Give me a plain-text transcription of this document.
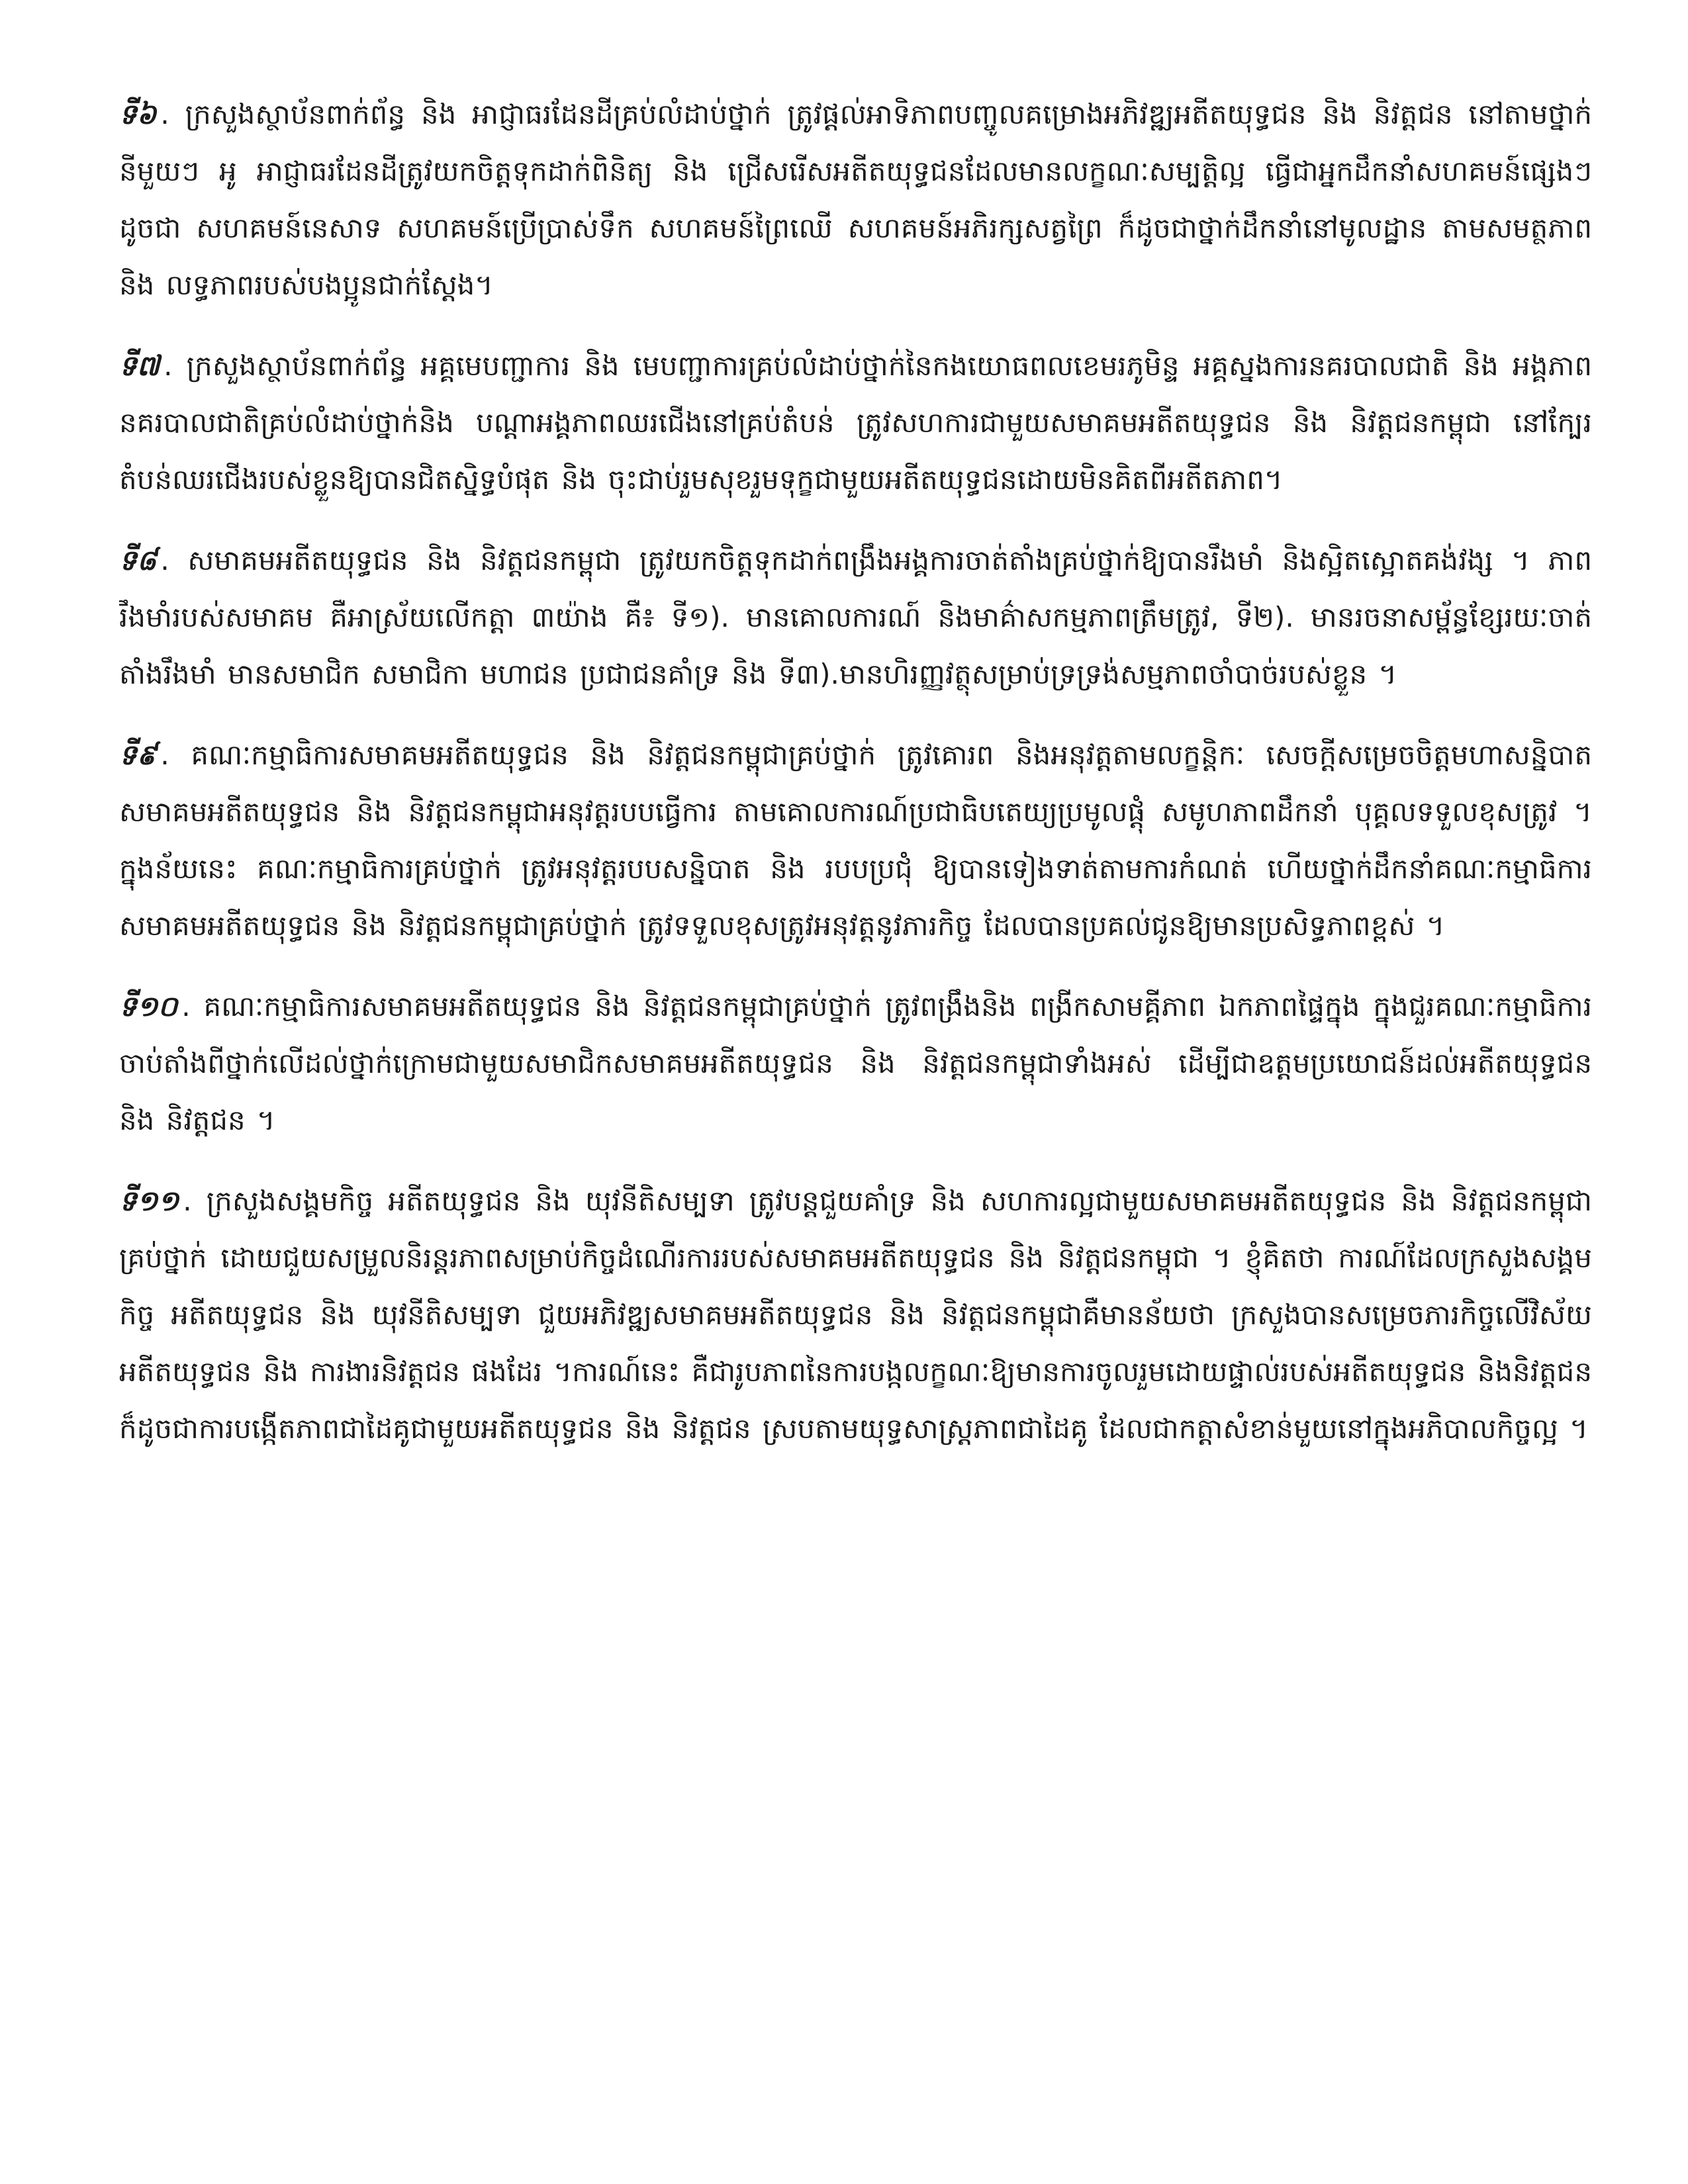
ទី៦ . ក្រសួងស្ថាប័នពាក់ព័ន្ធ និង អាជ្ញាធរដែនដីគ្រប់លំដាប់ថ្នាក់ ត្រូវផ្តល់អាទិភាពបញ្ចូលគម្រោងអភិវឌ្ឍអតីតយុទ្ធជន និង និវត្តជន នៅតាមថ្នាក់នីមួយៗ អូ អាជ្ញាធរដែនដីត្រូវយកចិត្តទុកដាក់ពិនិត្យ និង ជ្រើសរើសអតីតយុទ្ធជនដែលមានលក្ខណៈសម្បត្តិល្អ ធ្វើជាអ្នកដឹកនាំសហគមន៍ផ្សេងៗ ដូចជា សហគមន៍នេសាទ សហគមន៍ប្រើប្រាស់ទឹក សហគមន៍ព្រៃឈើ សហគមន៍អភិរក្សសត្វព្រៃ ក៏ដូចជាថ្នាក់ដឹកនាំនៅមូលដ្ឋាន តាមសមត្ថភាព និង លទ្ធភាពរបស់បងប្អូនជាក់ស្តែង។

ទី៧ . ក្រសួងស្ថាប័នពាក់ព័ន្ធ អគ្គមេបញ្ជាការ និង មេបញ្ជាការគ្រប់លំដាប់ថ្នាក់នៃកងយោធពលខេមរភូមិន្ទ អគ្គស្នងការនគរបាលជាតិ និង អង្គភាពនគរបាលជាតិគ្រប់លំដាប់ថ្នាក់និង បណ្តាអង្គភាពឈរជើងនៅគ្រប់តំបន់ ត្រូវសហការជាមួយសមាគមអតីតយុទ្ធជន និង និវត្តជនកម្ពុជា នៅក្បែរតំបន់ឈរជើងរបស់ខ្លួនឱ្យបានជិតស្និទ្ធបំផុត និង ចុះជាប់រួមសុខរួមទុក្ខជាមួយអតីតយុទ្ធជនដោយមិនគិតពីអតីតភាព។

ទី៨ . សមាគមអតីតយុទ្ធជន និង និវត្តជនកម្ពុជា ត្រូវយកចិត្តទុកដាក់ពង្រឹងអង្គការចាត់តាំងគ្រប់ថ្នាក់ឱ្យបានរឹងមាំ និងស្អិតស្អោតគង់វង្ស ។ ភាពរឹងមាំរបស់សមាគម គឺអាស្រ័យលើកត្តា ៣យ៉ាង គឺ៖ ទី១). មានគោលការណ៍ និងមាគ៌ាសកម្មភាពត្រឹមត្រូវ, ទី២). មានរចនាសម្ព័ន្ធខ្សែរយៈចាត់តាំងរឹងមាំ មានសមាជិក សមាជិកា មហាជន ប្រជាជនគាំទ្រ និង ទី៣).មានហិរញ្ញវត្ថុសម្រាប់ទ្រទ្រង់សម្មភាពចាំបាច់របស់ខ្លួន ។

ទី៩ . គណៈកម្មាធិការសមាគមអតីតយុទ្ធជន និង និវត្តជនកម្ពុជាគ្រប់ថ្នាក់ ត្រូវគោរព និងអនុវត្តតាមលក្ខន្តិកៈ សេចក្តីសម្រេចចិត្តមហាសន្និបាតសមាគមអតីតយុទ្ធជន និង និវត្តជនកម្ពុជាអនុវត្តរបបធ្វើការ តាមគោលការណ៍ប្រជាធិបតេយ្យប្រមូលផ្តុំ សមូហភាពដឹកនាំ បុគ្គលទទួលខុសត្រូវ ។ ក្នុងន័យនេះ គណៈកម្មាធិការគ្រប់ថ្នាក់ ត្រូវអនុវត្តរបបសន្និបាត និង របបប្រជុំ ឱ្យបានទៀងទាត់តាមការកំណត់ ហើយថ្នាក់ដឹកនាំគណៈកម្មាធិការសមាគមអតីតយុទ្ធជន និង និវត្តជនកម្ពុជាគ្រប់ថ្នាក់ ត្រូវទទួលខុសត្រូវអនុវត្តនូវភារកិច្ច ដែលបានប្រគល់ជូនឱ្យមានប្រសិទ្ធភាពខ្ពស់ ។

ទី១០ . គណៈកម្មាធិការសមាគមអតីតយុទ្ធជន និង និវត្តជនកម្ពុជាគ្រប់ថ្នាក់ ត្រូវពង្រឹងនិង ពង្រីកសាមគ្គីភាព ឯកភាពផ្ទៃក្នុង ក្នុងជួរគណៈកម្មាធិការ ចាប់តាំងពីថ្នាក់លើដល់ថ្នាក់ក្រោមជាមួយសមាជិកសមាគមអតីតយុទ្ធជន និង និវត្តជនកម្ពុជាទាំងអស់ ដើម្បីជាឧត្តមប្រយោជន៍ដល់អតីតយុទ្ធជន និង និវត្តជន ។

ទី១១ . ក្រសួងសង្គមកិច្ច អតីតយុទ្ធជន និង យុវនីតិសម្បទា ត្រូវបន្តជួយគាំទ្រ និង សហការល្អជាមួយសមាគមអតីតយុទ្ធជន និង និវត្តជនកម្ពុជាគ្រប់ថ្នាក់ ដោយជួយសម្រួលនិរន្តរភាពសម្រាប់កិច្ចដំណើរការរបស់សមាគមអតីតយុទ្ធជន និង និវត្តជនកម្ពុជា ។ ខ្ញុំគិតថា ការណ៍ដែលក្រសួងសង្គមកិច្ច អតីតយុទ្ធជន និង យុវនីតិសម្បទា ជួយអភិវឌ្ឍសមាគមអតីតយុទ្ធជន និង និវត្តជនកម្ពុជាគឺមានន័យថា ក្រសួងបានសម្រេចភារកិច្ចលើវិស័យអតីតយុទ្ធជន និង ការងារនិវត្តជន ផងដែរ ។ការណ៍នេះ គឺជារូបភាពនៃការបង្កលក្ខណៈឱ្យមានការចូលរួមដោយផ្ទាល់របស់អតីតយុទ្ធជន និងនិវត្តជន ក៏ដូចជាការបង្កើតភាពជាដៃគូជាមួយអតីតយុទ្ធជន និង និវត្តជន ស្របតាមយុទ្ធសាស្ត្រភាពជាដៃគូ ដែលជាកត្តាសំខាន់មួយនៅក្នុងអភិបាលកិច្ចល្អ ។
